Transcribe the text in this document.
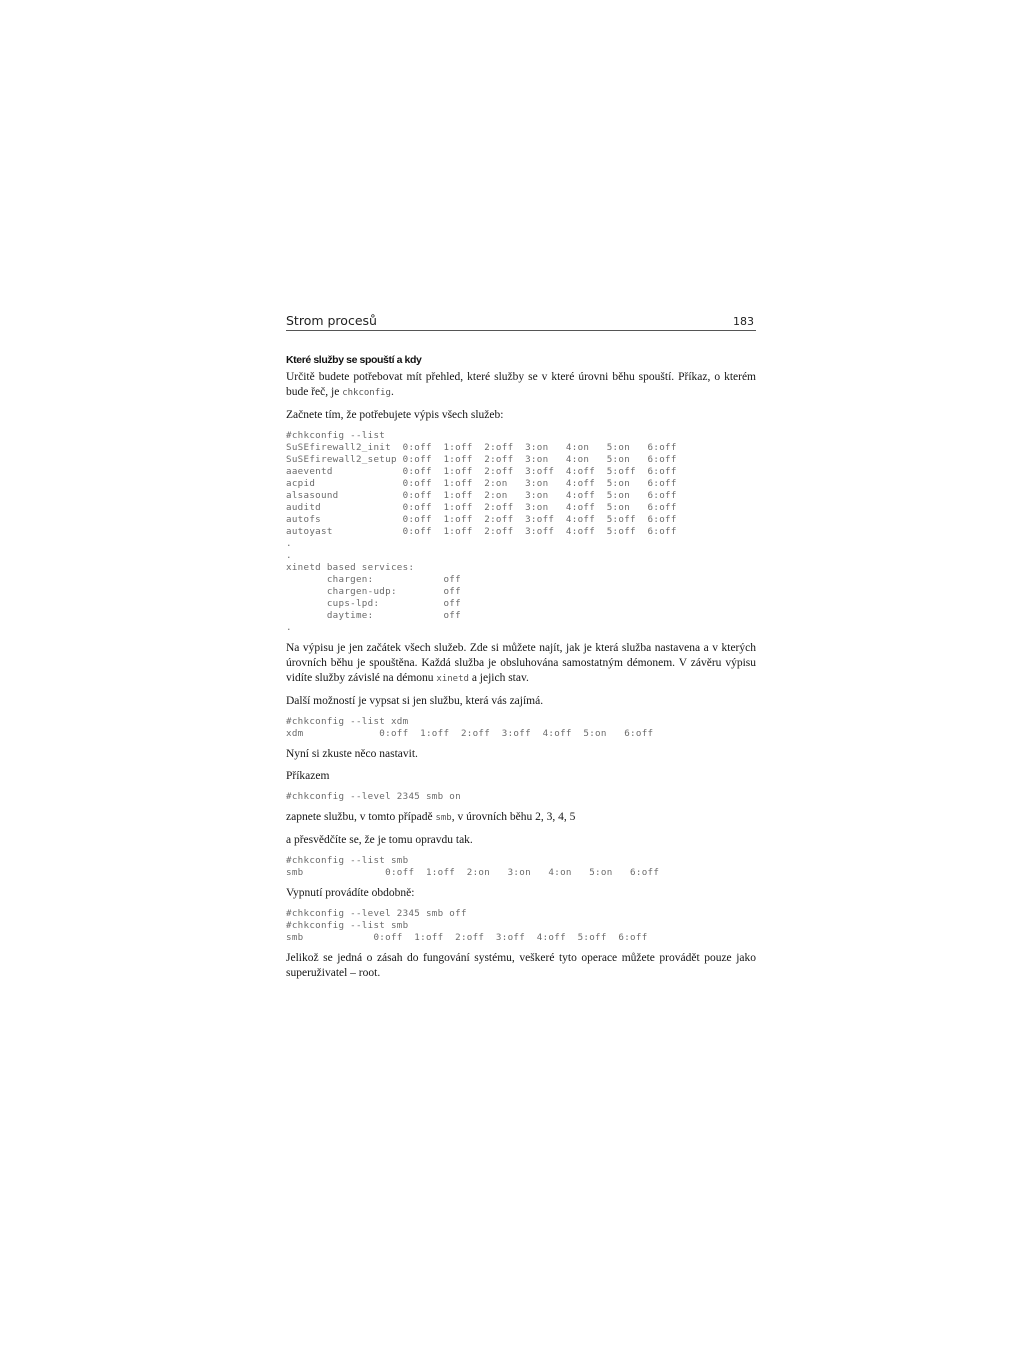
Strom procesů	183
Které služby se spouští a kdy

Určitě budete potřebovat mít přehled, které služby se v které úrovni běhu spouští. Příkaz, o kterém bude řeč, je chkconfig.

Začnete tím, že potřebujete výpis všech služeb:

#chkconfig --list
SuSEfirewall2_init  0:off  1:off  2:off  3:on   4:on   5:on   6:off
SuSEfirewall2_setup 0:off  1:off  2:off  3:on   4:on   5:on   6:off
aaeventd            0:off  1:off  2:off  3:off  4:off  5:off  6:off
acpid               0:off  1:off  2:on   3:on   4:off  5:on   6:off
alsasound           0:off  1:off  2:on   3:on   4:off  5:on   6:off
auditd              0:off  1:off  2:off  3:on   4:off  5:on   6:off
autofs              0:off  1:off  2:off  3:off  4:off  5:off  6:off
autoyast            0:off  1:off  2:off  3:off  4:off  5:off  6:off
.
.
xinetd based services:
chargen:            off
chargen-udp:        off
cups-lpd:           off
daytime:            off
.

Na výpisu je jen začátek všech služeb. Zde si můžete najít, jak je která služba nastavena a v kterých úrovních běhu je spouštěna. Každá služba je obsluhována samostatným démonem. V závěru výpisu vidíte služby závislé na démonu xinetd a jejich stav.

Další možností je vypsat si jen službu, která vás zajímá.

#chkconfig --list xdm
xdm             0:off  1:off  2:off  3:off  4:off  5:on   6:off

Nyní si zkuste něco nastavit.

Příkazem

#chkconfig --level 2345 smb on

zapnete službu, v tomto případě smb, v úrovních běhu 2, 3, 4, 5

a přesvědčíte se, že je tomu opravdu tak.

#chkconfig --list smb
smb              0:off  1:off  2:on   3:on   4:on   5:on   6:off

Vypnutí provádíte obdobně:

#chkconfig --level 2345 smb off
#chkconfig --list smb
smb            0:off  1:off  2:off  3:off  4:off  5:off  6:off

Jelikož se jedná o zásah do fungování systému, veškeré tyto operace můžete provádět pouze jako superuživatel – root.
